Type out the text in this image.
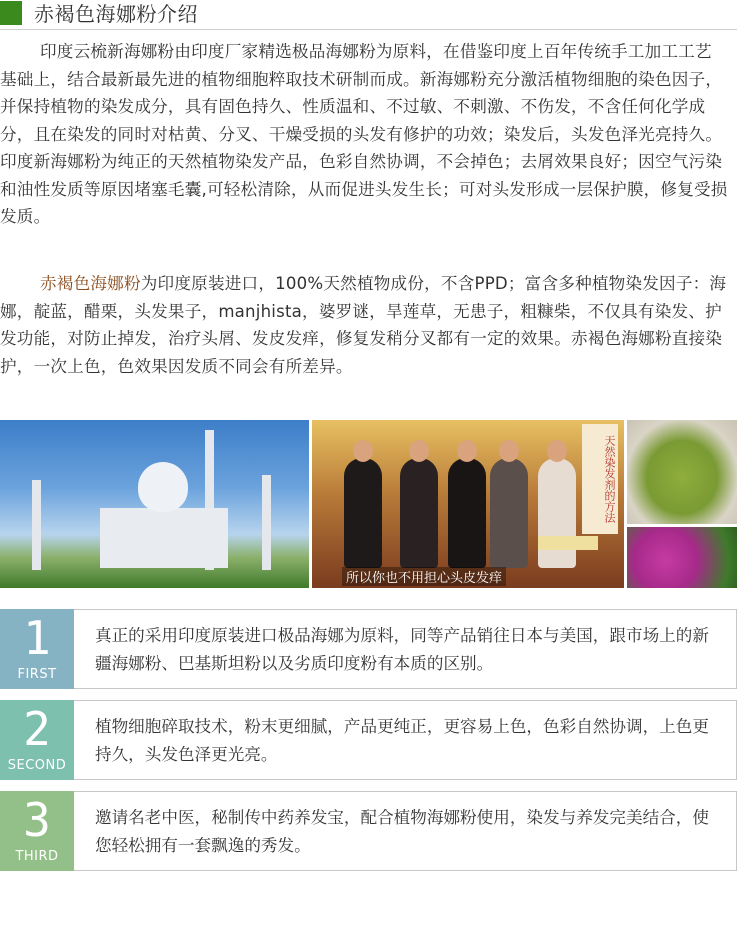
赤褐色海娜粉介绍

印度云梳新海娜粉由印度厂家精选极品海娜粉为原料，在借鉴印度上百年传统手工加工工艺基础上，结合最新最先进的植物细胞粹取技术研制而成。新海娜粉充分激活植物细胞的染色因子，并保持植物的染发成分，具有固色持久、性质温和、不过敏、不刺激、不伤发，不含任何化学成分，且在染发的同时对枯黄、分叉、干燥受损的头发有修护的功效；染发后，头发色泽光亮持久。印度新海娜粉为纯正的天然植物染发产品，色彩自然协调，不会掉色；去屑效果良好；因空气污染和油性发质等原因堵塞毛囊,可轻松清除，从而促进头发生长；可对头发形成一层保护膜，修复受损发质。

赤褐色海娜粉为印度原装进口，100%天然植物成份，不含PPD；富含多种植物染发因子：海娜，靛蓝，醋栗，头发果子，manjhista，婆罗谜，旱莲草，无患子，粗糠柴，不仅具有染发、护发功能，对防止掉发，治疗头屑、发皮发痒，修复发稍分叉都有一定的效果。赤褐色海娜粉直接染护，一次上色，色效果因发质不同会有所差异。

天然染发剂的方法
所以你也不用担心头皮发痒
1
FIRST
真正的采用印度原装进口极品海娜为原料，同等产品销往日本与美国，跟市场上的新疆海娜粉、巴基斯坦粉以及劣质印度粉有本质的区别。
2
SECOND
植物细胞碎取技术，粉末更细腻，产品更纯正，更容易上色，色彩自然协调，上色更持久，头发色泽更光亮。
3
THIRD
邀请名老中医，秘制传中药养发宝，配合植物海娜粉使用，染发与养发完美结合，使您轻松拥有一套飘逸的秀发。
